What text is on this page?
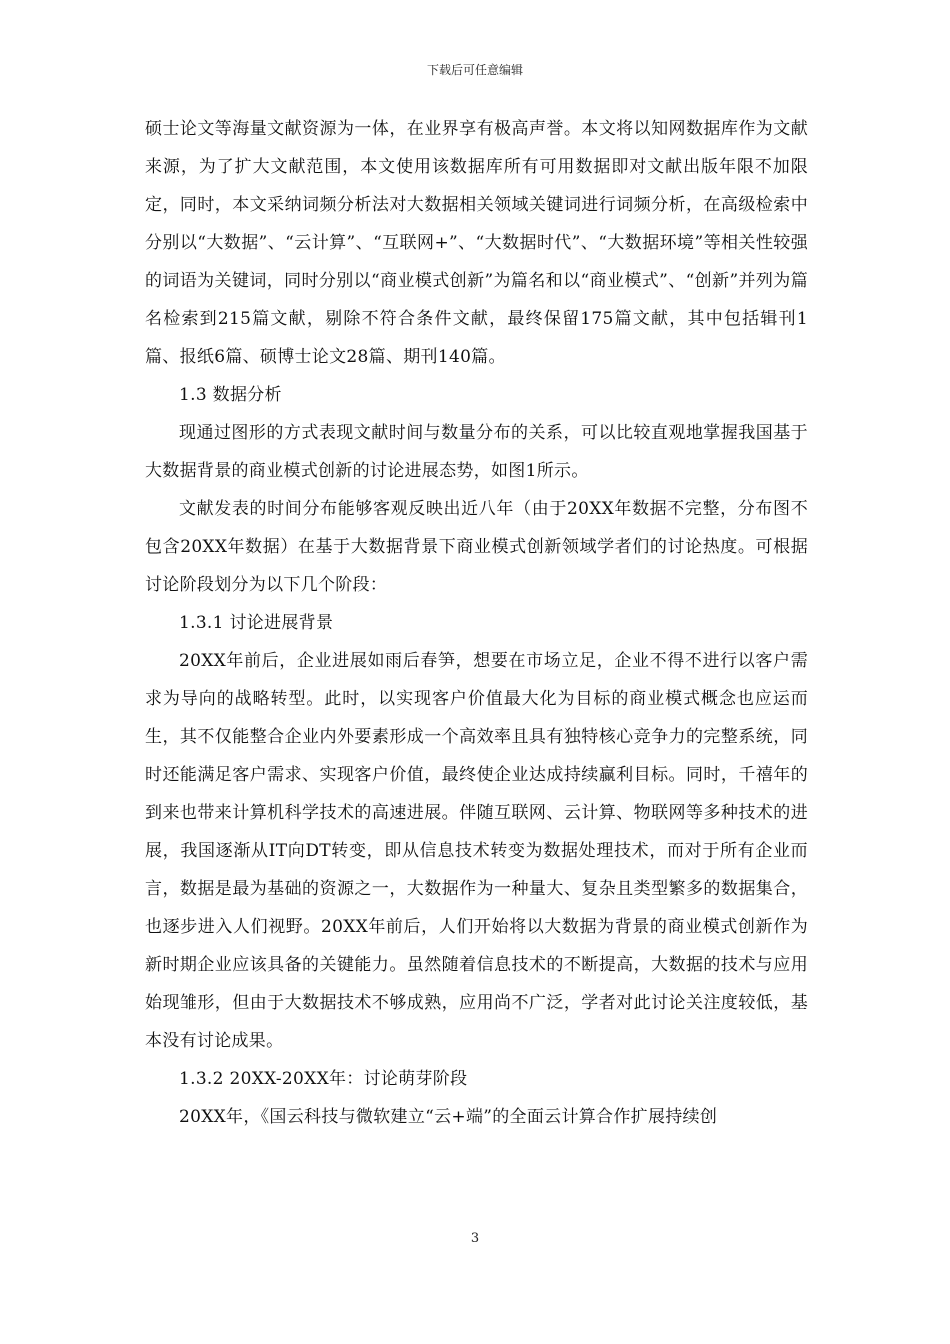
下载后可任意编辑

硕士论文等海量文献资源为一体，在业界享有极高声誉。本文将以知网数据库作为文献来源，为了扩大文献范围，本文使用该数据库所有可用数据即对文献出版年限不加限定，同时，本文采纳词频分析法对大数据相关领域关键词进行词频分析，在高级检索中分别以“大数据”、“云计算”、“互联网+”、“大数据时代”、“大数据环境”等相关性较强的词语为关键词，同时分别以“商业模式创新”为篇名和以“商业模式”、“创新”并列为篇名检索到215篇文献，剔除不符合条件文献，最终保留175篇文献，其中包括辑刊1篇、报纸6篇、硕博士论文28篇、期刊140篇。

1.3 数据分析

现通过图形的方式表现文献时间与数量分布的关系，可以比较直观地掌握我国基于大数据背景的商业模式创新的讨论进展态势，如图1所示。

文献发表的时间分布能够客观反映出近八年（由于20XX年数据不完整，分布图不包含20XX年数据）在基于大数据背景下商业模式创新领域学者们的讨论热度。可根据讨论阶段划分为以下几个阶段：

1.3.1 讨论进展背景

20XX年前后，企业进展如雨后春笋，想要在市场立足，企业不得不进行以客户需求为导向的战略转型。此时，以实现客户价值最大化为目标的商业模式概念也应运而生，其不仅能整合企业内外要素形成一个高效率且具有独特核心竞争力的完整系统，同时还能满足客户需求、实现客户价值，最终使企业达成持续赢利目标。同时，千禧年的到来也带来计算机科学技术的高速进展。伴随互联网、云计算、物联网等多种技术的进展，我国逐渐从IT向DT转变，即从信息技术转变为数据处理技术，而对于所有企业而言，数据是最为基础的资源之一，大数据作为一种量大、复杂且类型繁多的数据集合，也逐步进入人们视野。20XX年前后，人们开始将以大数据为背景的商业模式创新作为新时期企业应该具备的关键能力。虽然随着信息技术的不断提高，大数据的技术与应用始现雏形，但由于大数据技术不够成熟，应用尚不广泛，学者对此讨论关注度较低，基本没有讨论成果。

1.3.2 20XX-20XX年：讨论萌芽阶段

20XX年，《国云科技与微软建立“云+端”的全面云计算合作扩展持续创

3
